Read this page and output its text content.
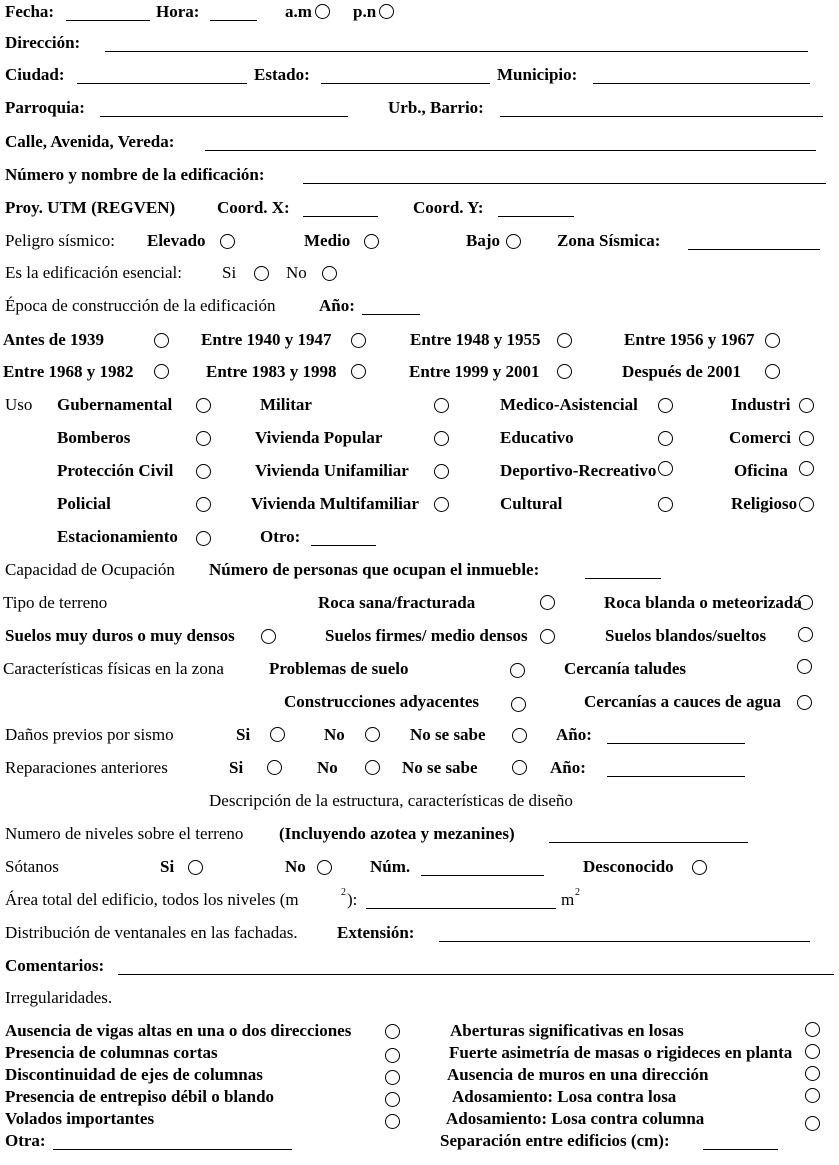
Fecha:	Hora:	a.m p.n
Dirección:
Ciudad:	Estado:	Municipio:
Parroquia:	Urb., Barrio:
Calle, Avenida, Vereda:
Número y nombre de la edificación:
Proy. UTM (REGVEN) Coord. X:	Coord. Y:
Peligro sísmico: Elevado	Medio	Bajo	Zona Sísmica:
Es la edificación esencial: Si	No
Época de construcción de la edificación	Año:
Antes de 1939	Entre 1940 y 1947	Entre 1948 y 1955	Entre 1956 y 1967
Entre 1968 y 1982	Entre 1983 y 1998	Entre 1999 y 2001	Después de 2001
Uso Gubernamental	Militar	Medico-Asistencial	Industri
Bomberos	Vivienda Popular	Educativo	Comerci
Protección Civil	Vivienda Unifamiliar	Deportivo-Recreativo	Oficina
Policial	Vivienda Multifamiliar	Cultural	Religioso
Estacionamiento	Otro:
Capacidad de Ocupación Número de personas que ocupan el inmueble:
Tipo de terreno	Roca sana/fracturada	Roca blanda o meteorizada
Suelos muy duros o muy densos	Suelos firmes/ medio densos	Suelos blandos/sueltos
Características físicas en la zona	Problemas de suelo	Cercanía taludes
Construcciones adyacentes	Cercanías a cauces de agua
Daños previos por sismo	Si	No	No se sabe	Año:
Reparaciones anteriores	Si	No	No se sabe	Año:
Descripción de la estructura, características de diseño
Numero de niveles sobre el terreno (Incluyendo azotea y mezanines)
Sótanos	Si	No	Núm.	Desconocido
Área total del edificio, todos los niveles (m	2 ):	m 2
Distribución de ventanales en las fachadas. Extensión:
Comentarios:
Irregularidades.
Ausencia de vigas altas en una o dos direcciones	Aberturas significativas en losas
Presencia de columnas cortas	Fuerte asimetría de masas o rigideces en planta
Discontinuidad de ejes de columnas	Ausencia de muros en una dirección
Presencia de entrepiso débil o blando	Adosamiento: Losa contra losa
Volados importantes	Adosamiento: Losa contra columna
Otra:	Separación entre edificios (cm):
